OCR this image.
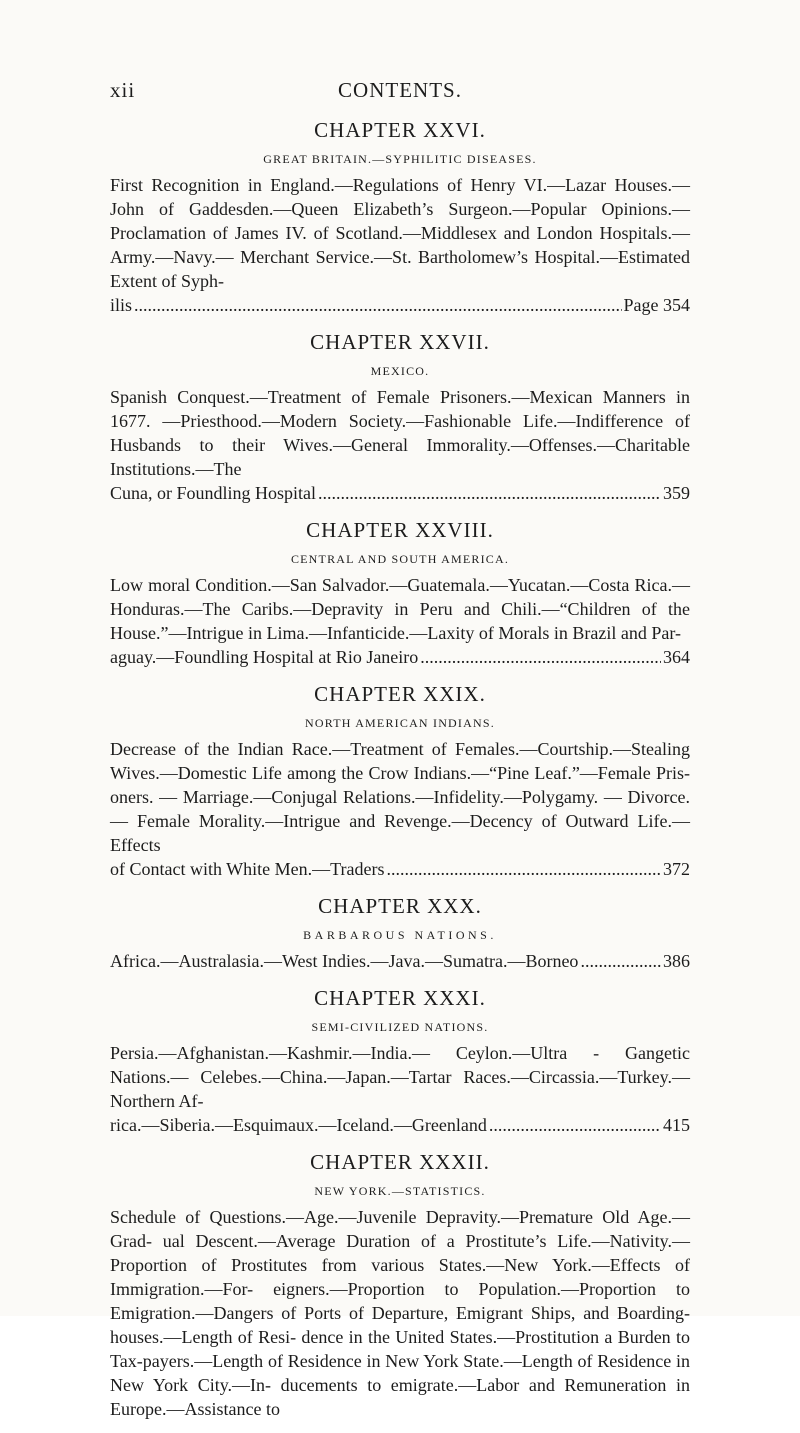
xii	CONTENTS.
CHAPTER XXVI.
GREAT BRITAIN.—SYPHILITIC DISEASES.

First Recognition in England.—Regulations of Henry VI.—Lazar Houses.—John of Gaddesden.—Queen Elizabeth’s Surgeon.—Popular Opinions.—Proclamation of James IV. of Scotland.—Middlesex and London Hospitals.—Army.—Navy.— Merchant Service.—St. Bartholomew’s Hospital.—Estimated Extent of Syph-

ilis .....	Page 354
CHAPTER XXVII.
MEXICO.

Spanish Conquest.—Treatment of Female Prisoners.—Mexican Manners in 1677. —Priesthood.—Modern Society.—Fashionable Life.—Indifference of Husbands to their Wives.—General Immorality.—Offenses.—Charitable Institutions.—The

Cuna, or Foundling Hospital .....	359
CHAPTER XXVIII.
CENTRAL AND SOUTH AMERICA.

Low moral Condition.—San Salvador.—Guatemala.—Yucatan.—Costa Rica.— Honduras.—The Caribs.—Depravity in Peru and Chili.—“Children of the House.”—Intrigue in Lima.—Infanticide.—Laxity of Morals in Brazil and Par-

aguay.—Foundling Hospital at Rio Janeiro .....	364
CHAPTER XXIX.
NORTH AMERICAN INDIANS.

Decrease of the Indian Race.—Treatment of Females.—Courtship.—Stealing Wives.—Domestic Life among the Crow Indians.—“Pine Leaf.”—Female Pris- oners. — Marriage.—Conjugal Relations.—Infidelity.—Polygamy. — Divorce.— Female Morality.—Intrigue and Revenge.—Decency of Outward Life.—Effects

of Contact with White Men.—Traders .....	372
CHAPTER XXX.
BARBAROUS NATIONS.
Africa.—Australasia.—West Indies.—Java.—Sumatra.—Borneo .....	386
CHAPTER XXXI.
SEMI-CIVILIZED NATIONS.

Persia.—Afghanistan.—Kashmir.—India.— Ceylon.—Ultra - Gangetic Nations.— Celebes.—China.—Japan.—Tartar Races.—Circassia.—Turkey.—Northern Af-

rica.—Siberia.—Esquimaux.—Iceland.—Greenland .....	415
CHAPTER XXXII.
NEW YORK.—STATISTICS.

Schedule of Questions.—Age.—Juvenile Depravity.—Premature Old Age.—Grad- ual Descent.—Average Duration of a Prostitute’s Life.—Nativity.—Proportion of Prostitutes from various States.—New York.—Effects of Immigration.—For- eigners.—Proportion to Population.—Proportion to Emigration.—Dangers of Ports of Departure, Emigrant Ships, and Boarding-houses.—Length of Resi- dence in the United States.—Prostitution a Burden to Tax-payers.—Length of Residence in New York State.—Length of Residence in New York City.—In- ducements to emigrate.—Labor and Remuneration in Europe.—Assistance to
